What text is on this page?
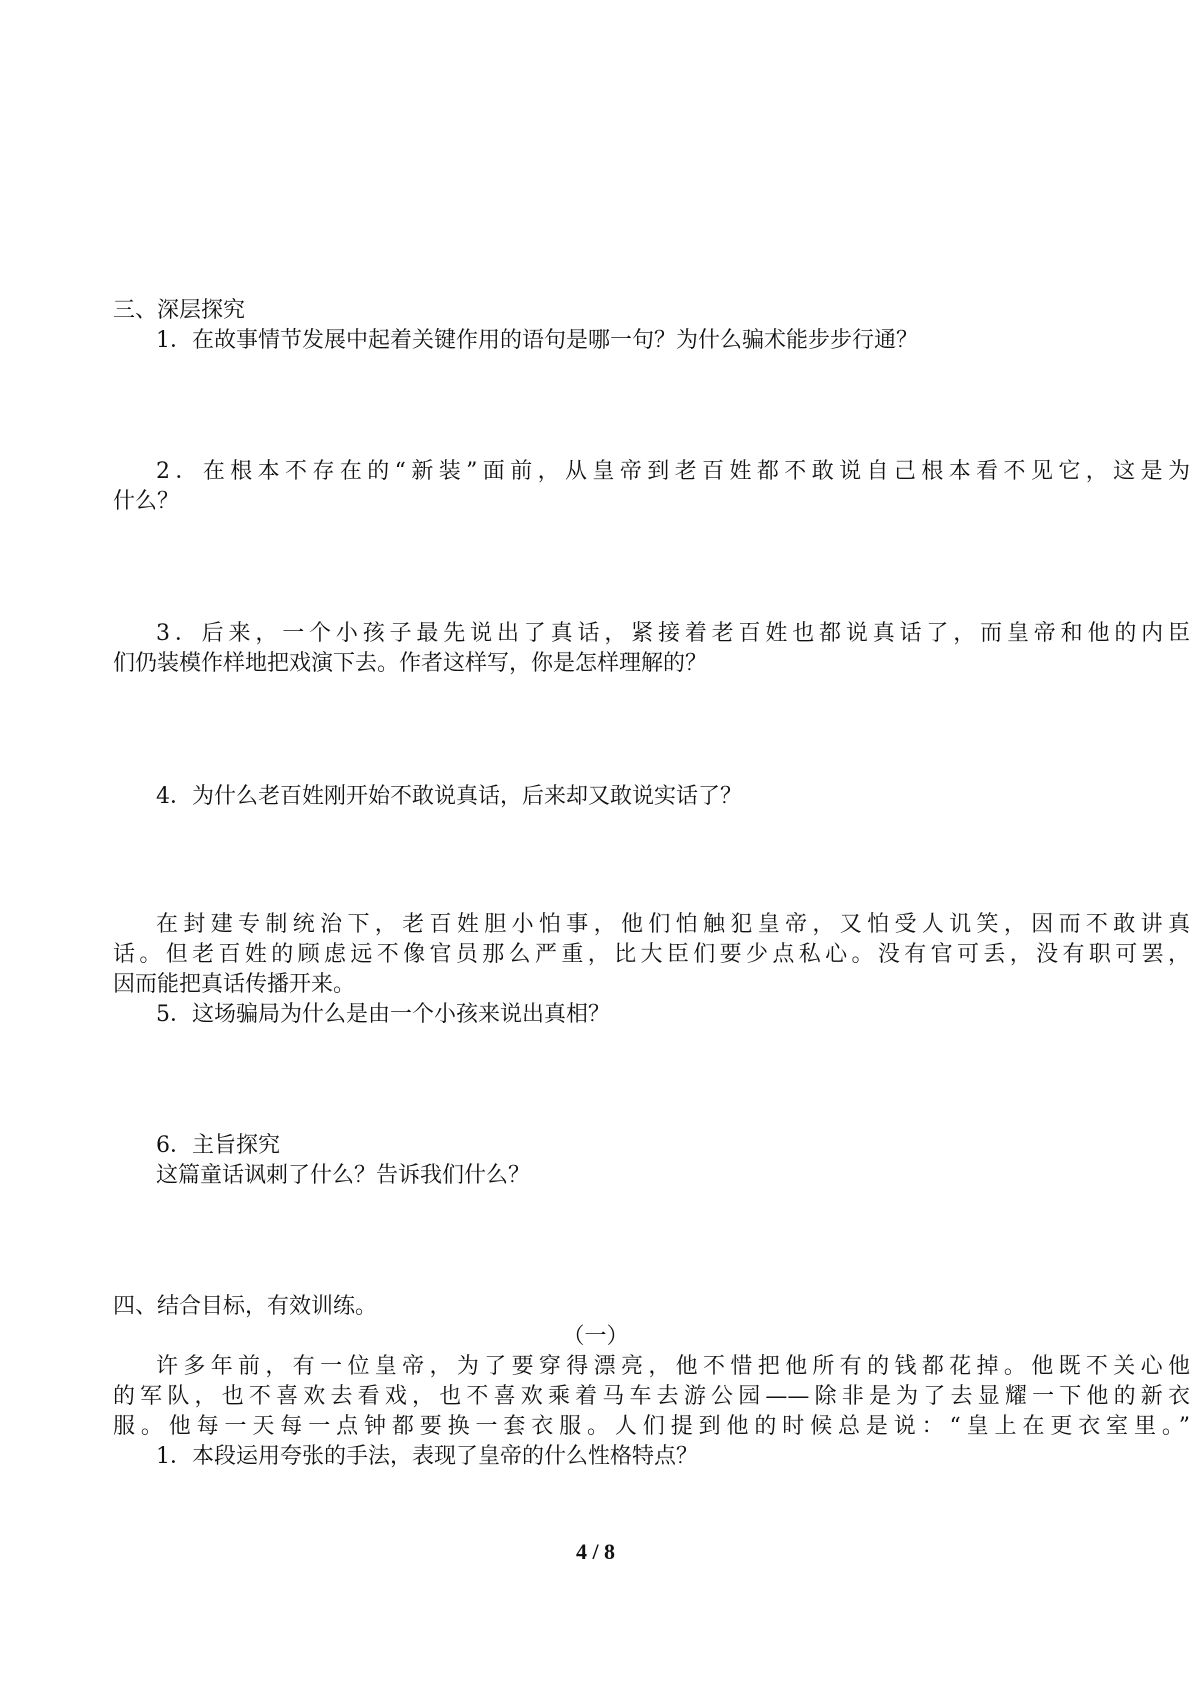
三、深层探究
1．在故事情节发展中起着关键作用的语句是哪一句？为什么骗术能步步行通？
2．在根本不存在的“新装”面前，从皇帝到老百姓都不敢说自己根本看不见它，这是为
什么？
3．后来，一个小孩子最先说出了真话，紧接着老百姓也都说真话了，而皇帝和他的内臣
们仍装模作样地把戏演下去。作者这样写，你是怎样理解的？
4．为什么老百姓刚开始不敢说真话，后来却又敢说实话了？
在封建专制统治下，老百姓胆小怕事，他们怕触犯皇帝，又怕受人讥笑，因而不敢讲真
话。但老百姓的顾虑远不像官员那么严重，比大臣们要少点私心。没有官可丢，没有职可罢，
因而能把真话传播开来。
5．这场骗局为什么是由一个小孩来说出真相？
6．主旨探究
这篇童话讽刺了什么？告诉我们什么？
四、结合目标，有效训练。
（一）
许多年前，有一位皇帝，为了要穿得漂亮，他不惜把他所有的钱都花掉。他既不关心他
的军队，也不喜欢去看戏，也不喜欢乘着马车去游公园——除非是为了去显耀一下他的新衣
服。他每一天每一点钟都要换一套衣服。人们提到他的时候总是说：“皇上在更衣室里。”
1．本段运用夸张的手法，表现了皇帝的什么性格特点？
4 / 8
